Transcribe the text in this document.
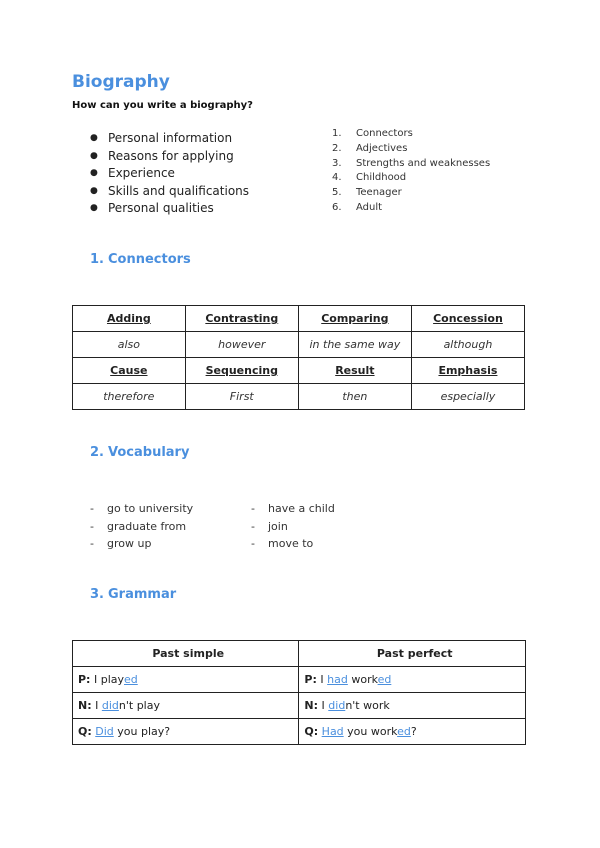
Biography
How can you write a biography?
● Personal information
● Reasons for applying
● Experience
● Skills and qualifications
● Personal qualities
1.	Connectors
2.	Adjectives
3.	Strengths and weaknesses
4.	Childhood
5.	Teenager
6.	Adult
1. Connectors
Adding	Contrasting	Comparing	Concession
also	however	in the same way	although
Cause	Sequencing	Result	Emphasis
therefore	First	then	especially
2. Vocabulary
- go to university
- graduate from
- grow up
- have a child
- join
- move to
3. Grammar
Past simple	Past perfect
P: I played	P: I had worked
N: I didn't play	N: I didn't work
Q: Did you play?	Q: Had you worked?
